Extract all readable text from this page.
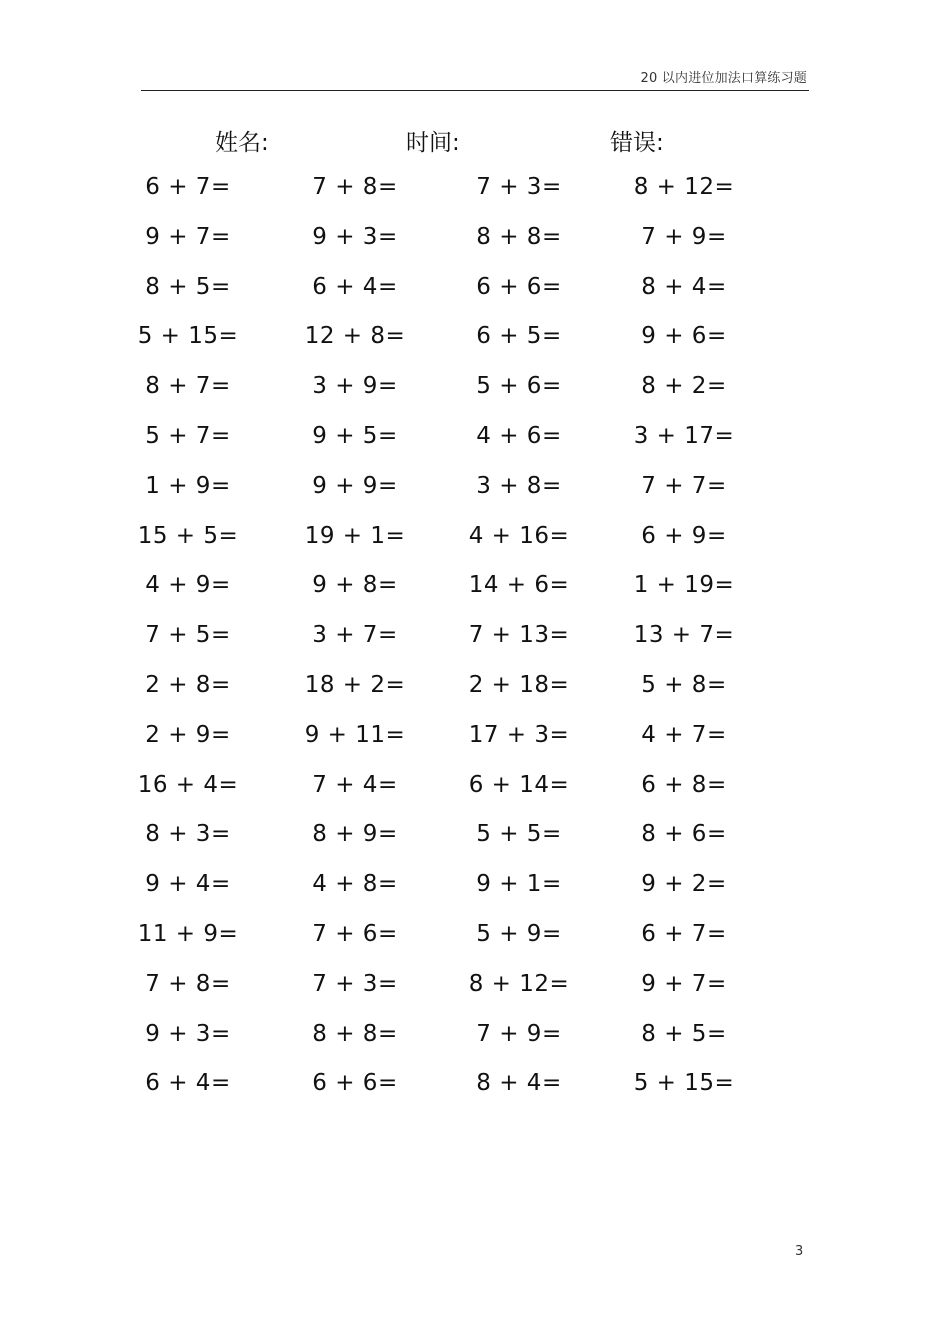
20 以内进位加法口算练习题
姓名:	时间:	错误:
6 + 7=	7 + 8=	7 + 3=	8 + 12=
9 + 7=	9 + 3=	8 + 8=	7 + 9=
8 + 5=	6 + 4=	6 + 6=	8 + 4=
5 + 15=	12 + 8=	6 + 5=	9 + 6=
8 + 7=	3 + 9=	5 + 6=	8 + 2=
5 + 7=	9 + 5=	4 + 6=	3 + 17=
1 + 9=	9 + 9=	3 + 8=	7 + 7=
15 + 5=	19 + 1=	4 + 16=	6 + 9=
4 + 9=	9 + 8=	14 + 6=	1 + 19=
7 + 5=	3 + 7=	7 + 13=	13 + 7=
2 + 8=	18 + 2=	2 + 18=	5 + 8=
2 + 9=	9 + 11=	17 + 3=	4 + 7=
16 + 4=	7 + 4=	6 + 14=	6 + 8=
8 + 3=	8 + 9=	5 + 5=	8 + 6=
9 + 4=	4 + 8=	9 + 1=	9 + 2=
11 + 9=	7 + 6=	5 + 9=	6 + 7=
7 + 8=	7 + 3=	8 + 12=	9 + 7=
9 + 3=	8 + 8=	7 + 9=	8 + 5=
6 + 4=	6 + 6=	8 + 4=	5 + 15=
3
